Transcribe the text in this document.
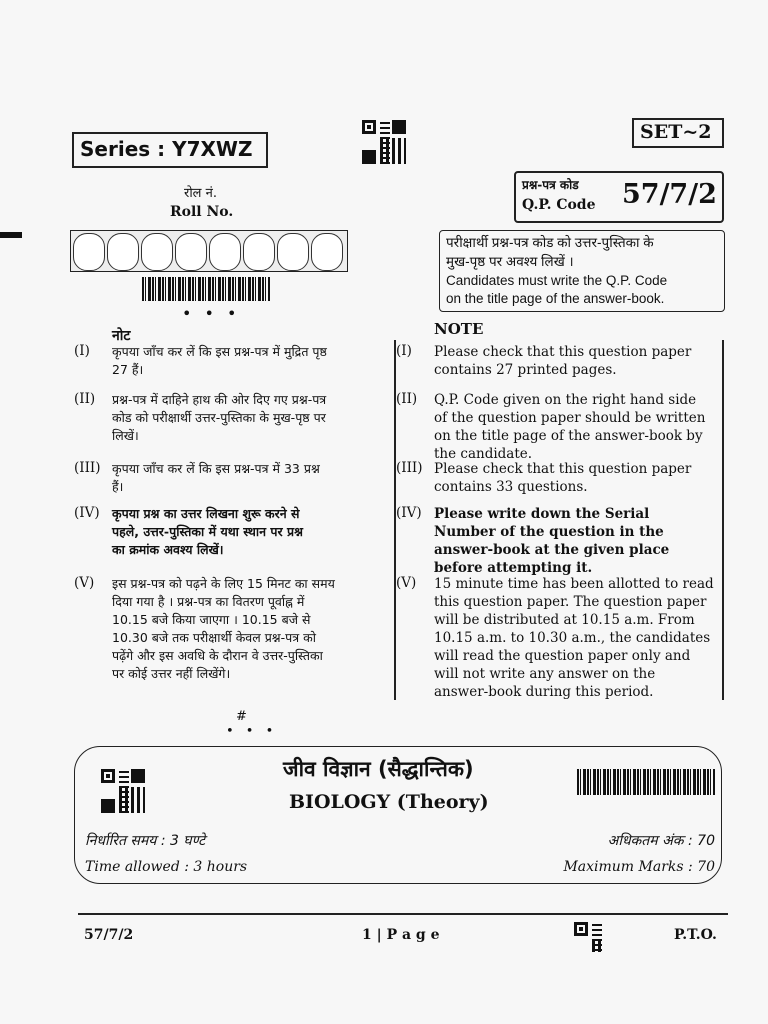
Series : Y7XWZ
SET~2
रोल नं.
Roll No.
• • •
प्रश्न-पत्र कोड
Q.P. Code 57/7/2
परीक्षार्थी प्रश्न-पत्र कोड को उत्तर-पुस्तिका के
मुख-पृष्ठ पर अवश्य लिखें ।
Candidates must write the Q.P. Code
on the title page of the answer-book.
नोट	NOTE
(I) कृपया जाँच कर लें कि इस प्रश्न-पत्र में मुद्रित पृष्ठ
27 हैं।
(I) Please check that this question paper
contains 27 printed pages.
(II) प्रश्न-पत्र में दाहिने हाथ की ओर दिए गए प्रश्न-पत्र
कोड को परीक्षार्थी उत्तर-पुस्तिका के मुख-पृष्ठ पर
लिखें।
(II) Q.P. Code given on the right hand side
of the question paper should be written
on the title page of the answer-book by
the candidate.
(III) कृपया जाँच कर लें कि इस प्रश्न-पत्र में 33 प्रश्न
हैं।
(III) Please check that this question paper
contains 33 questions.
(IV) कृपया प्रश्न का उत्तर लिखना शुरू करने से
पहले, उत्तर-पुस्तिका में यथा स्थान पर प्रश्न
का क्रमांक अवश्य लिखें।
(IV) Please write down the Serial
Number of the question in the
answer-book at the given place
before attempting it.
(V) इस प्रश्न-पत्र को पढ़ने के लिए 15 मिनट का समय
दिया गया है । प्रश्न-पत्र का वितरण पूर्वाह्न में
10.15 बजे किया जाएगा । 10.15 बजे से
10.30 बजे तक परीक्षार्थी केवल प्रश्न-पत्र को
पढ़ेंगे और इस अवधि के दौरान वे उत्तर-पुस्तिका
पर कोई उत्तर नहीं लिखेंगे।
(V) 15 minute time has been allotted to read
this question paper. The question paper
will be distributed at 10.15 a.m. From
10.15 a.m. to 10.30 a.m., the candidates
will read the question paper only and
will not write any answer on the
answer-book during this period.
#
• • •
जीव विज्ञान (सैद्धान्तिक)
BIOLOGY (Theory)
निर्धारित समय : 3 घण्टे
Time allowed : 3 hours
अधिकतम अंक : 70
Maximum Marks : 70
57/7/2	1 | P a g e	P.T.O.
